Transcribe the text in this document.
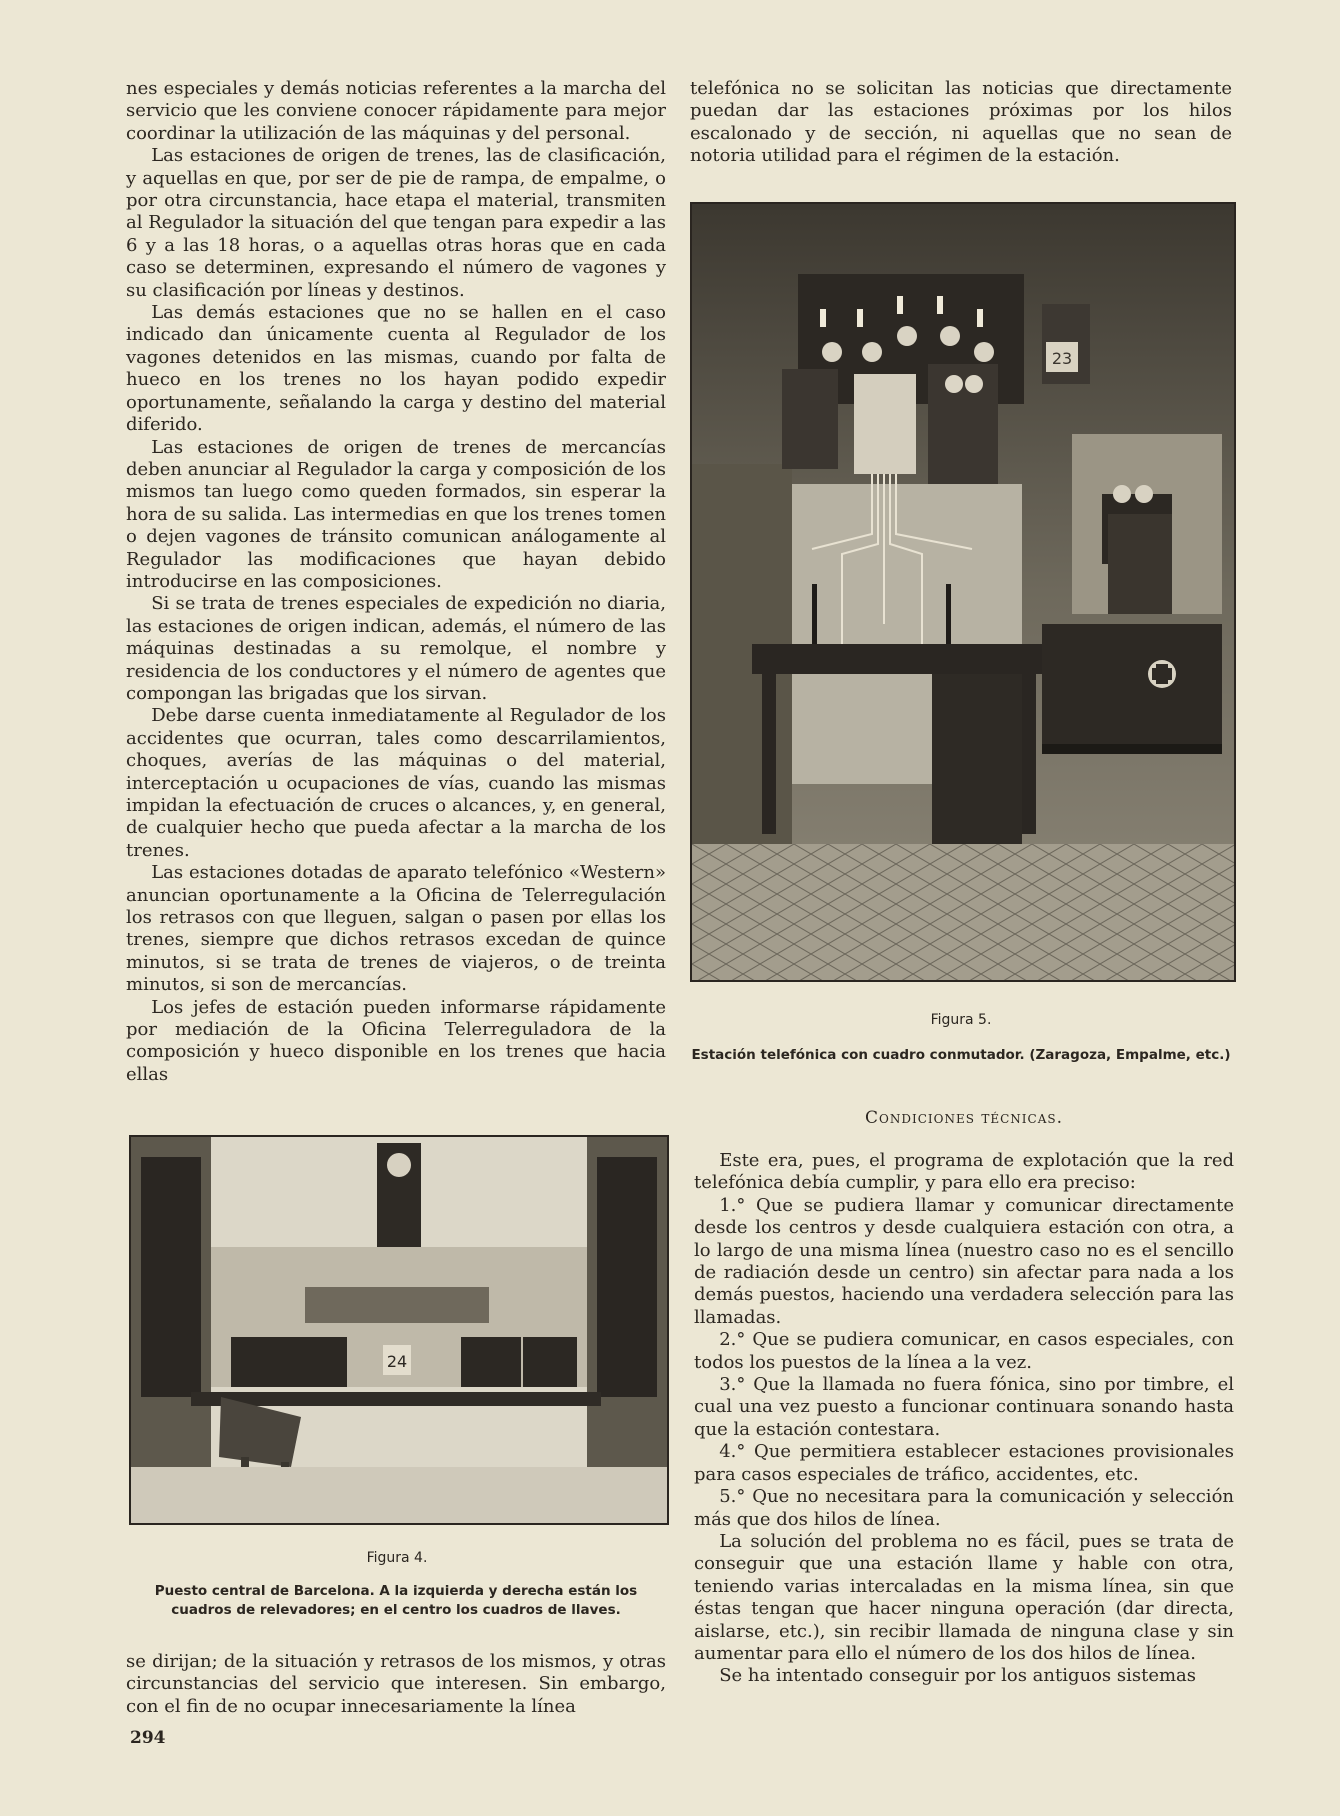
nes especiales y demás noticias referentes a la marcha del servicio que les conviene conocer rápidamente para mejor coordinar la utilización de las máquinas y del personal.

Las estaciones de origen de trenes, las de clasificación, y aquellas en que, por ser de pie de rampa, de empalme, o por otra circunstancia, hace etapa el material, transmiten al Regulador la situación del que tengan para expedir a las 6 y a las 18 horas, o a aquellas otras horas que en cada caso se determinen, expresando el número de vagones y su clasificación por líneas y destinos.

Las demás estaciones que no se hallen en el caso indicado dan únicamente cuenta al Regulador de los vagones detenidos en las mismas, cuando por falta de hueco en los trenes no los hayan podido expedir oportunamente, señalando la carga y destino del material diferido.

Las estaciones de origen de trenes de mercancías deben anunciar al Regulador la carga y composición de los mismos tan luego como queden formados, sin esperar la hora de su salida. Las intermedias en que los trenes tomen o dejen vagones de tránsito comunican análogamente al Regulador las modificaciones que hayan debido introducirse en las composiciones.

Si se trata de trenes especiales de expedición no diaria, las estaciones de origen indican, además, el número de las máquinas destinadas a su remolque, el nombre y residencia de los conductores y el número de agentes que compongan las brigadas que los sirvan.

Debe darse cuenta inmediatamente al Regulador de los accidentes que ocurran, tales como descarrilamientos, choques, averías de las máquinas o del material, interceptación u ocupaciones de vías, cuando las mismas impidan la efectuación de cruces o alcances, y, en general, de cualquier hecho que pueda afectar a la marcha de los trenes.

Las estaciones dotadas de aparato telefónico «Western» anuncian oportunamente a la Oficina de Telerregulación los retrasos con que lleguen, salgan o pasen por ellas los trenes, siempre que dichos retrasos excedan de quince minutos, si se trata de trenes de viajeros, o de treinta minutos, si son de mercancías.

Los jefes de estación pueden informarse rápidamente por mediación de la Oficina Telerreguladora de la composición y hueco disponible en los trenes que hacia ellas

telefónica no se solicitan las noticias que directamente puedan dar las estaciones próximas por los hilos escalonado y de sección, ni aquellas que no sean de notoria utilidad para el régimen de la estación.

23
Figura 5.
Estación telefónica con cuadro conmutador. (Zaragoza, Empalme, etc.)
24
Figura 4.
Puesto central de Barcelona. A la izquierda y derecha están los cuadros de relevadores; en el centro los cuadros de llaves.
Condiciones técnicas.

Este era, pues, el programa de explotación que la red telefónica debía cumplir, y para ello era preciso:

1.° Que se pudiera llamar y comunicar directamente desde los centros y desde cualquiera estación con otra, a lo largo de una misma línea (nuestro caso no es el sencillo de radiación desde un centro) sin afectar para nada a los demás puestos, haciendo una verdadera selección para las llamadas.

2.° Que se pudiera comunicar, en casos especiales, con todos los puestos de la línea a la vez.

3.° Que la llamada no fuera fónica, sino por timbre, el cual una vez puesto a funcionar continuara sonando hasta que la estación contestara.

4.° Que permitiera establecer estaciones provisionales para casos especiales de tráfico, accidentes, etc.

5.° Que no necesitara para la comunicación y selección más que dos hilos de línea.

La solución del problema no es fácil, pues se trata de conseguir que una estación llame y hable con otra, teniendo varias intercaladas en la misma línea, sin que éstas tengan que hacer ninguna operación (dar directa, aislarse, etc.), sin recibir llamada de ninguna clase y sin aumentar para ello el número de los dos hilos de línea.

Se ha intentado conseguir por los antiguos sistemas

se dirijan; de la situación y retrasos de los mismos, y otras circunstancias del servicio que interesen. Sin embargo, con el fin de no ocupar innecesariamente la línea

294
